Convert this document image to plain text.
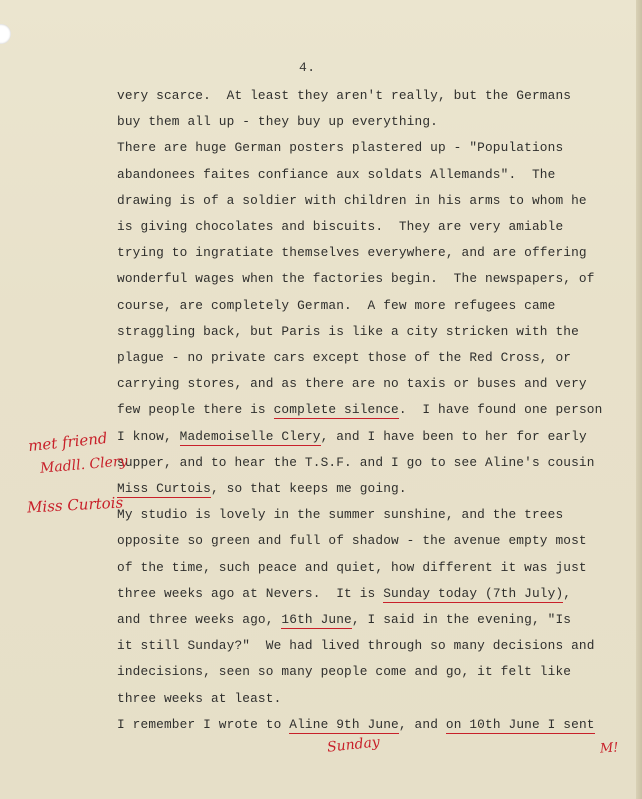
4.
very scarce.  At least they aren't really, but the Germans
buy them all up - they buy up everything.
There are huge German posters plastered up - "Populations
abandonees faites confiance aux soldats Allemands".  The
drawing is of a soldier with children in his arms to whom he
is giving chocolates and biscuits.  They are very amiable
trying to ingratiate themselves everywhere, and are offering
wonderful wages when the factories begin.  The newspapers, of
course, are completely German.  A few more refugees came
straggling back, but Paris is like a city stricken with the
plague - no private cars except those of the Red Cross, or
carrying stores, and as there are no taxis or buses and very
few people there is complete silence.  I have found one person
I know, Mademoiselle Clery, and I have been to her for early
supper, and to hear the T.S.F. and I go to see Aline's cousin
Miss Curtois, so that keeps me going.
My studio is lovely in the summer sunshine, and the trees
opposite so green and full of shadow - the avenue empty most
of the time, such peace and quiet, how different it was just
three weeks ago at Nevers.  It is Sunday today (7th July),
and three weeks ago, 16th June, I said in the evening, "Is
it still Sunday?"  We had lived through so many decisions and
indecisions, seen so many people come and go, it felt like
three weeks at least.
I remember I wrote to Aline 9th June, and on 10th June I sent
met friend
Madll. Clery
Miss Curtois
Sunday	M!
